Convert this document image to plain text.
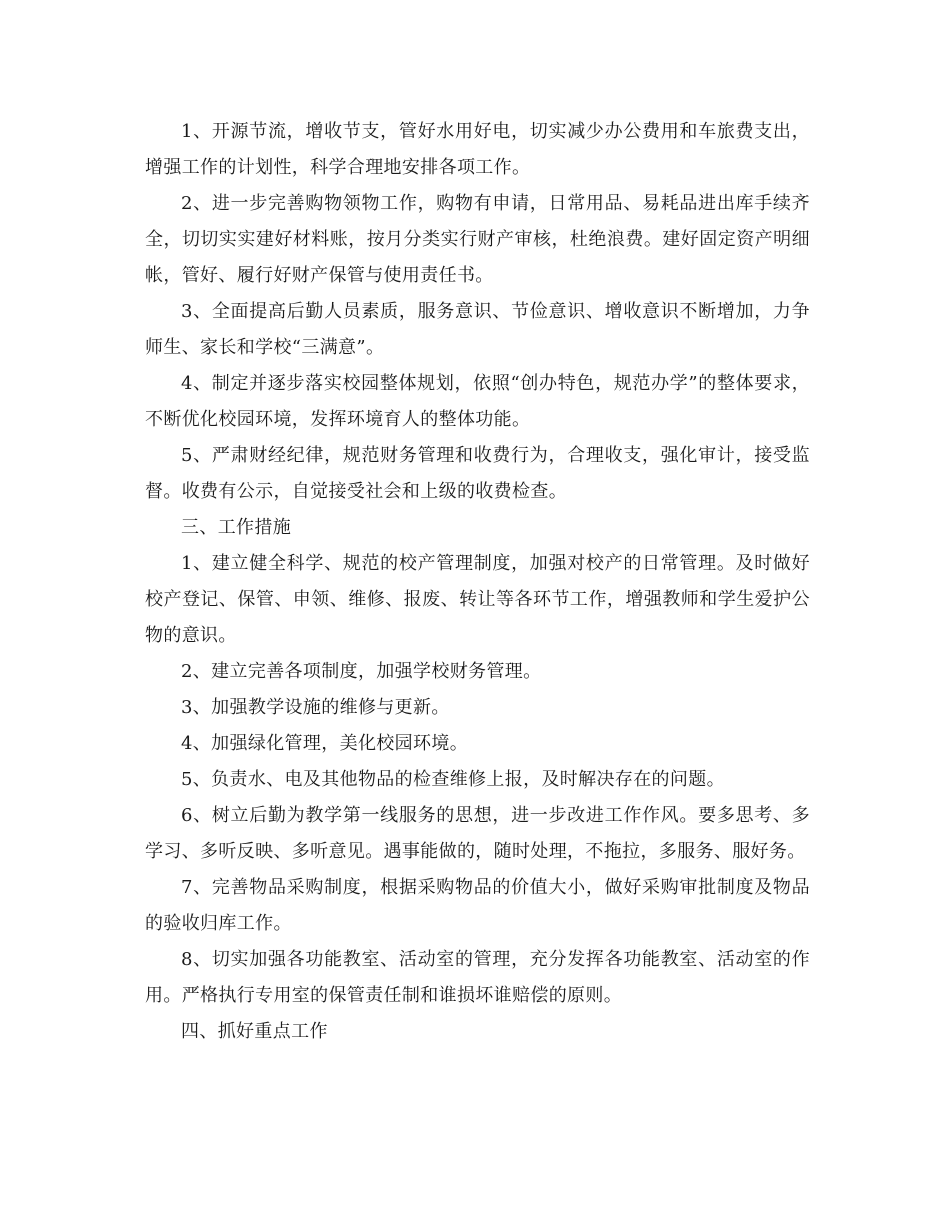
1、开源节流，增收节支，管好水用好电，切实减少办公费用和车旅费支出，增强工作的计划性，科学合理地安排各项工作。

2、进一步完善购物领物工作，购物有申请，日常用品、易耗品进出库手续齐全，切切实实建好材料账，按月分类实行财产审核，杜绝浪费。建好固定资产明细帐，管好、履行好财产保管与使用责任书。

3、全面提高后勤人员素质，服务意识、节俭意识、增收意识不断增加，力争师生、家长和学校“三满意”。

4、制定并逐步落实校园整体规划，依照“创办特色，规范办学”的整体要求，不断优化校园环境，发挥环境育人的整体功能。

5、严肃财经纪律，规范财务管理和收费行为，合理收支，强化审计，接受监督。收费有公示，自觉接受社会和上级的收费检查。

三、工作措施

1、建立健全科学、规范的校产管理制度，加强对校产的日常管理。及时做好校产登记、保管、申领、维修、报废、转让等各环节工作，增强教师和学生爱护公物的意识。

2、建立完善各项制度，加强学校财务管理。

3、加强教学设施的维修与更新。

4、加强绿化管理，美化校园环境。

5、负责水、电及其他物品的检查维修上报，及时解决存在的问题。

6、树立后勤为教学第一线服务的思想，进一步改进工作作风。要多思考、多学习、多听反映、多听意见。遇事能做的，随时处理，不拖拉，多服务、服好务。

7、完善物品采购制度，根据采购物品的价值大小，做好采购审批制度及物品的验收归库工作。

8、切实加强各功能教室、活动室的管理，充分发挥各功能教室、活动室的作用。严格执行专用室的保管责任制和谁损坏谁赔偿的原则。

四、抓好重点工作
